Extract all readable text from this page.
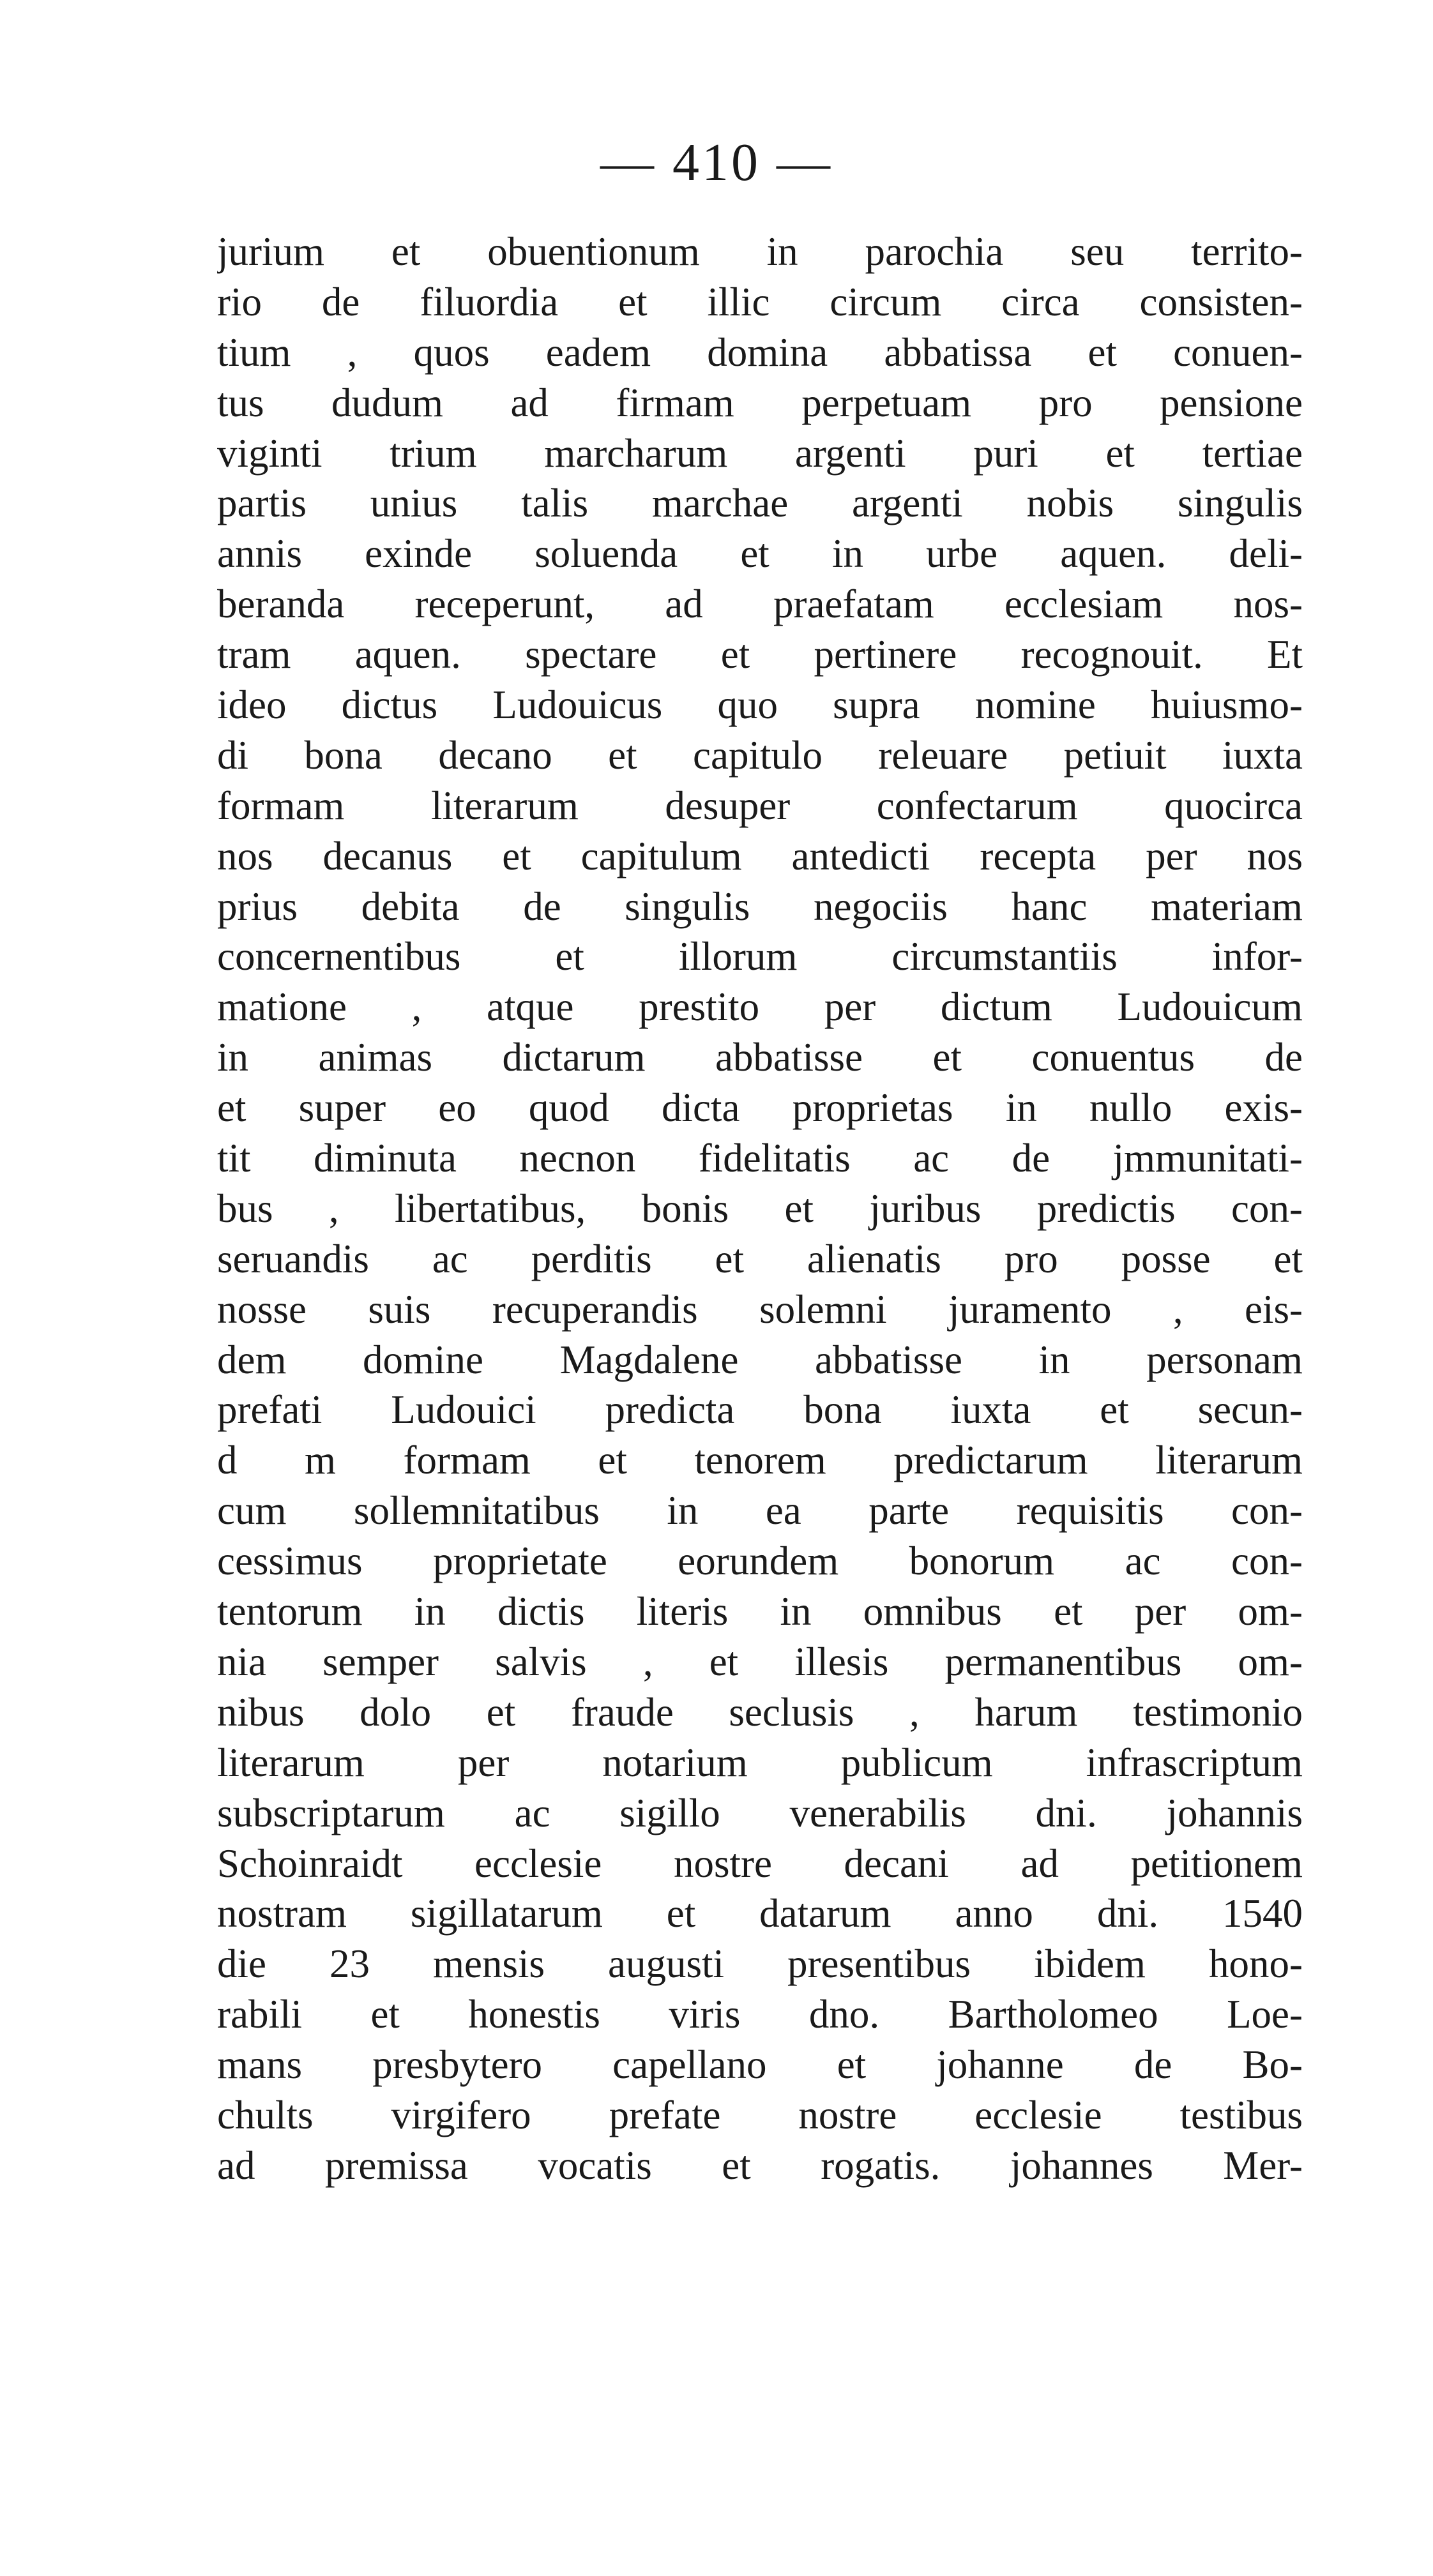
— 410 —
jurium et obuentionum in parochia seu territo-
rio de filuordia et illic circum circa consisten-
tium , quos eadem domina abbatissa et conuen-
tus dudum ad firmam perpetuam pro pensione
viginti trium marcharum argenti puri et tertiae
partis unius talis marchae argenti nobis singulis
annis exinde soluenda et in urbe aquen. deli-
beranda receperunt, ad praefatam ecclesiam nos-
tram aquen. spectare et pertinere recognouit. Et
ideo dictus Ludouicus quo supra nomine huiusmo-
di bona decano et capitulo releuare petiuit iuxta
formam literarum desuper confectarum quocirca
nos decanus et capitulum antedicti recepta per nos
prius debita de singulis negociis hanc materiam
concernentibus et illorum circumstantiis infor-
matione , atque prestito per dictum Ludouicum
in animas dictarum abbatisse et conuentus de
et super eo quod dicta proprietas in nullo exis-
tit diminuta necnon fidelitatis ac de jmmunitati-
bus , libertatibus, bonis et juribus predictis con-
seruandis ac perditis et alienatis pro posse et
nosse suis recuperandis solemni juramento , eis-
dem domine Magdalene abbatisse in personam
prefati Ludouici predicta bona iuxta et secun-
d m formam et tenorem predictarum literarum
cum sollemnitatibus in ea parte requisitis con-
cessimus proprietate eorundem bonorum ac con-
tentorum in dictis literis in omnibus et per om-
nia semper salvis , et illesis permanentibus om-
nibus dolo et fraude seclusis , harum testimonio
literarum per notarium publicum infrascriptum
subscriptarum ac sigillo venerabilis dni. johannis
Schoinraidt ecclesie nostre decani ad petitionem
nostram sigillatarum et datarum anno dni. 1540
die 23 mensis augusti presentibus ibidem hono-
rabili et honestis viris dno. Bartholomeo Loe-
mans presbytero capellano et johanne de Bo-
chults virgifero prefate nostre ecclesie testibus
ad premissa vocatis et rogatis. johannes Mer-
